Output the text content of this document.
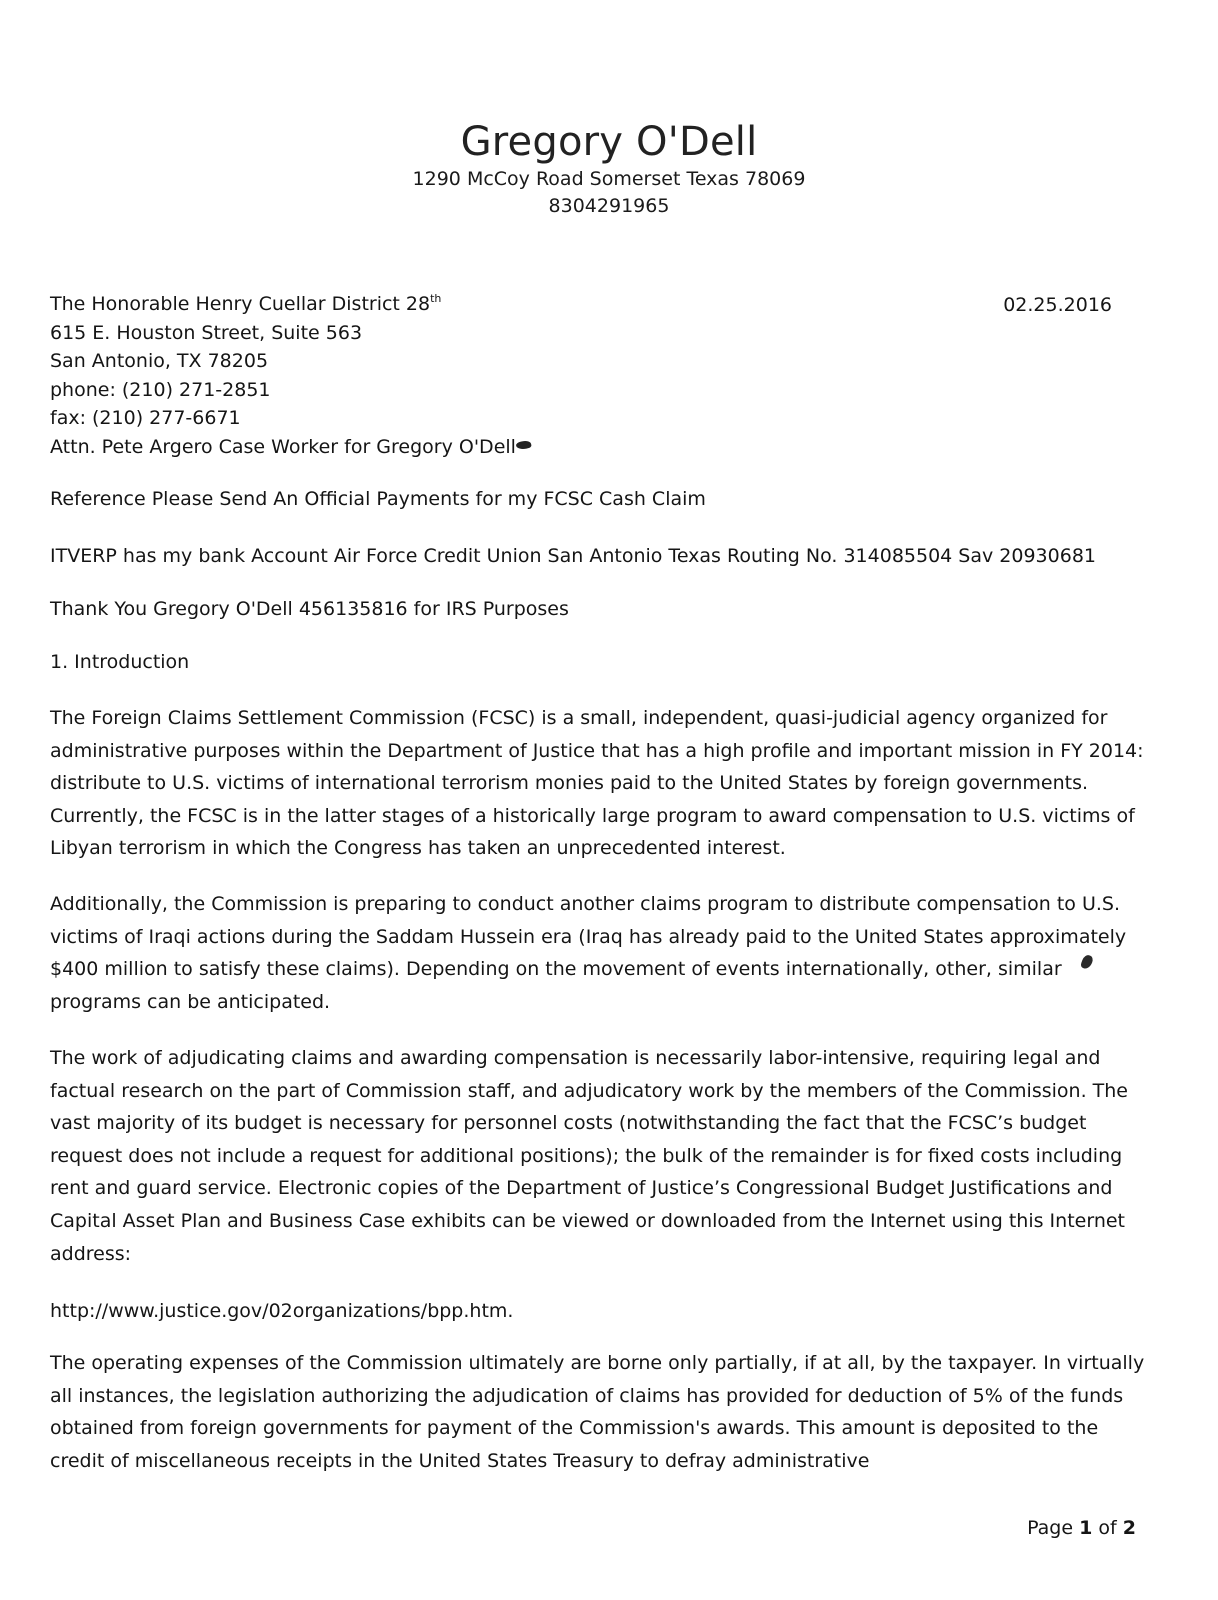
Gregory O'Dell
1290 McCoy Road Somerset Texas 78069
8304291965
The Honorable Henry Cuellar District 28th
615 E. Houston Street, Suite 563
San Antonio, TX 78205
phone: (210) 271-2851
fax: (210) 277-6671
Attn. Pete Argero Case Worker for Gregory O'Dell
02.25.2016
Reference Please Send An Official Payments for my FCSC Cash Claim
ITVERP has my bank Account Air Force Credit Union San Antonio Texas Routing No. 314085504 Sav 20930681
Thank You Gregory O'Dell 456135816 for IRS Purposes
1. Introduction
The Foreign Claims Settlement Commission (FCSC) is a small, independent, quasi-judicial agency organized for administrative purposes within the Department of Justice that has a high profile and important mission in FY 2014: distribute to U.S. victims of international terrorism monies paid to the United States by foreign governments. Currently, the FCSC is in the latter stages of a historically large program to award compensation to U.S. victims of Libyan terrorism in which the Congress has taken an unprecedented interest.
Additionally, the Commission is preparing to conduct another claims program to distribute compensation to U.S. victims of Iraqi actions during the Saddam Hussein era (Iraq has already paid to the United States approximately $400 million to satisfy these claims). Depending on the movement of events internationally, other, similar programs can be anticipated.
The work of adjudicating claims and awarding compensation is necessarily labor-intensive, requiring legal and factual research on the part of Commission staff, and adjudicatory work by the members of the Commission. The vast majority of its budget is necessary for personnel costs (notwithstanding the fact that the FCSC’s budget request does not include a request for additional positions); the bulk of the remainder is for fixed costs including rent and guard service. Electronic copies of the Department of Justice’s Congressional Budget Justifications and Capital Asset Plan and Business Case exhibits can be viewed or downloaded from the Internet using this Internet address:
http://www.justice.gov/02organizations/bpp.htm.
The operating expenses of the Commission ultimately are borne only partially, if at all, by the taxpayer. In virtually all instances, the legislation authorizing the adjudication of claims has provided for deduction of 5% of the funds obtained from foreign governments for payment of the Commission's awards. This amount is deposited to the credit of miscellaneous receipts in the United States Treasury to defray administrative
Page 1 of 2
